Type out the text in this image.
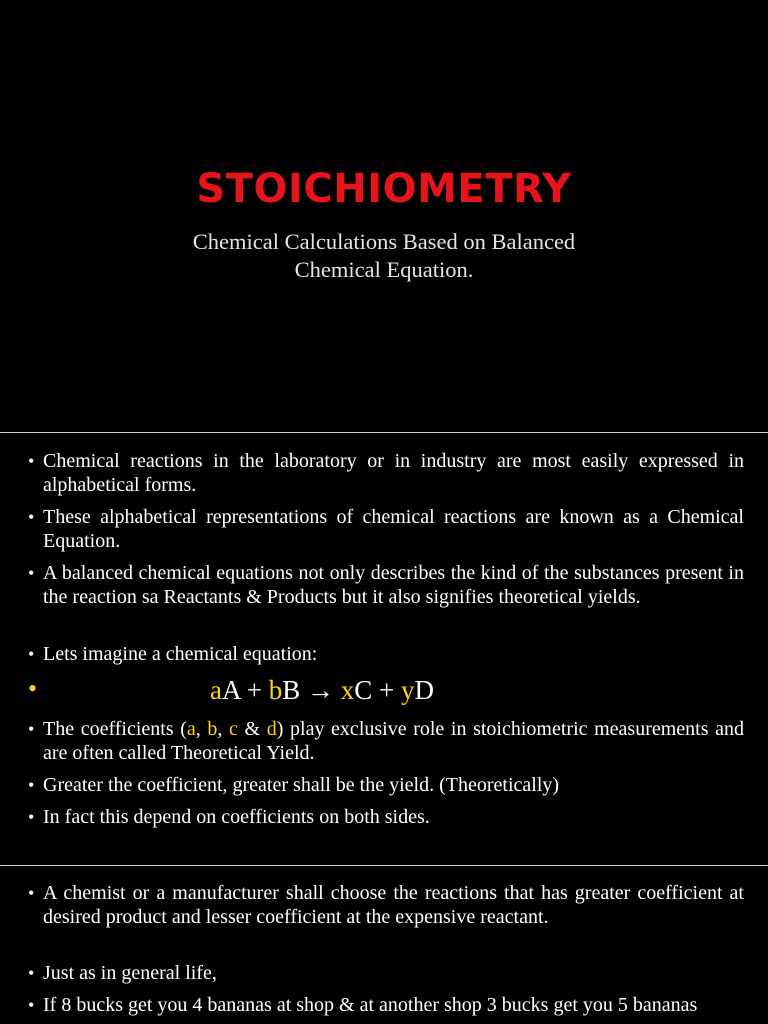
STOICHIOMETRY
Chemical Calculations Based on Balanced
Chemical Equation.
• Chemical reactions in the laboratory or in industry are most easily expressed in alphabetical forms.
• These alphabetical representations of chemical reactions are known as a Chemical Equation.
• A balanced chemical equations not only describes the kind of the substances present in the reaction sa Reactants & Products but it also signifies theoretical yields.
• Lets imagine a chemical equation:
•	aA + bB → xC + yD
• The coefficients (a, b, c & d) play exclusive role in stoichiometric measurements and are often called Theoretical Yield.
• Greater the coefficient, greater shall be the yield. (Theoretically)
• In fact this depend on coefficients on both sides.
• A chemist or a manufacturer shall choose the reactions that has greater coefficient at desired product and lesser coefficient at the expensive reactant.
• Just as in general life,
• If 8 bucks get you 4 bananas at shop & at another shop 3 bucks get you 5 bananas
